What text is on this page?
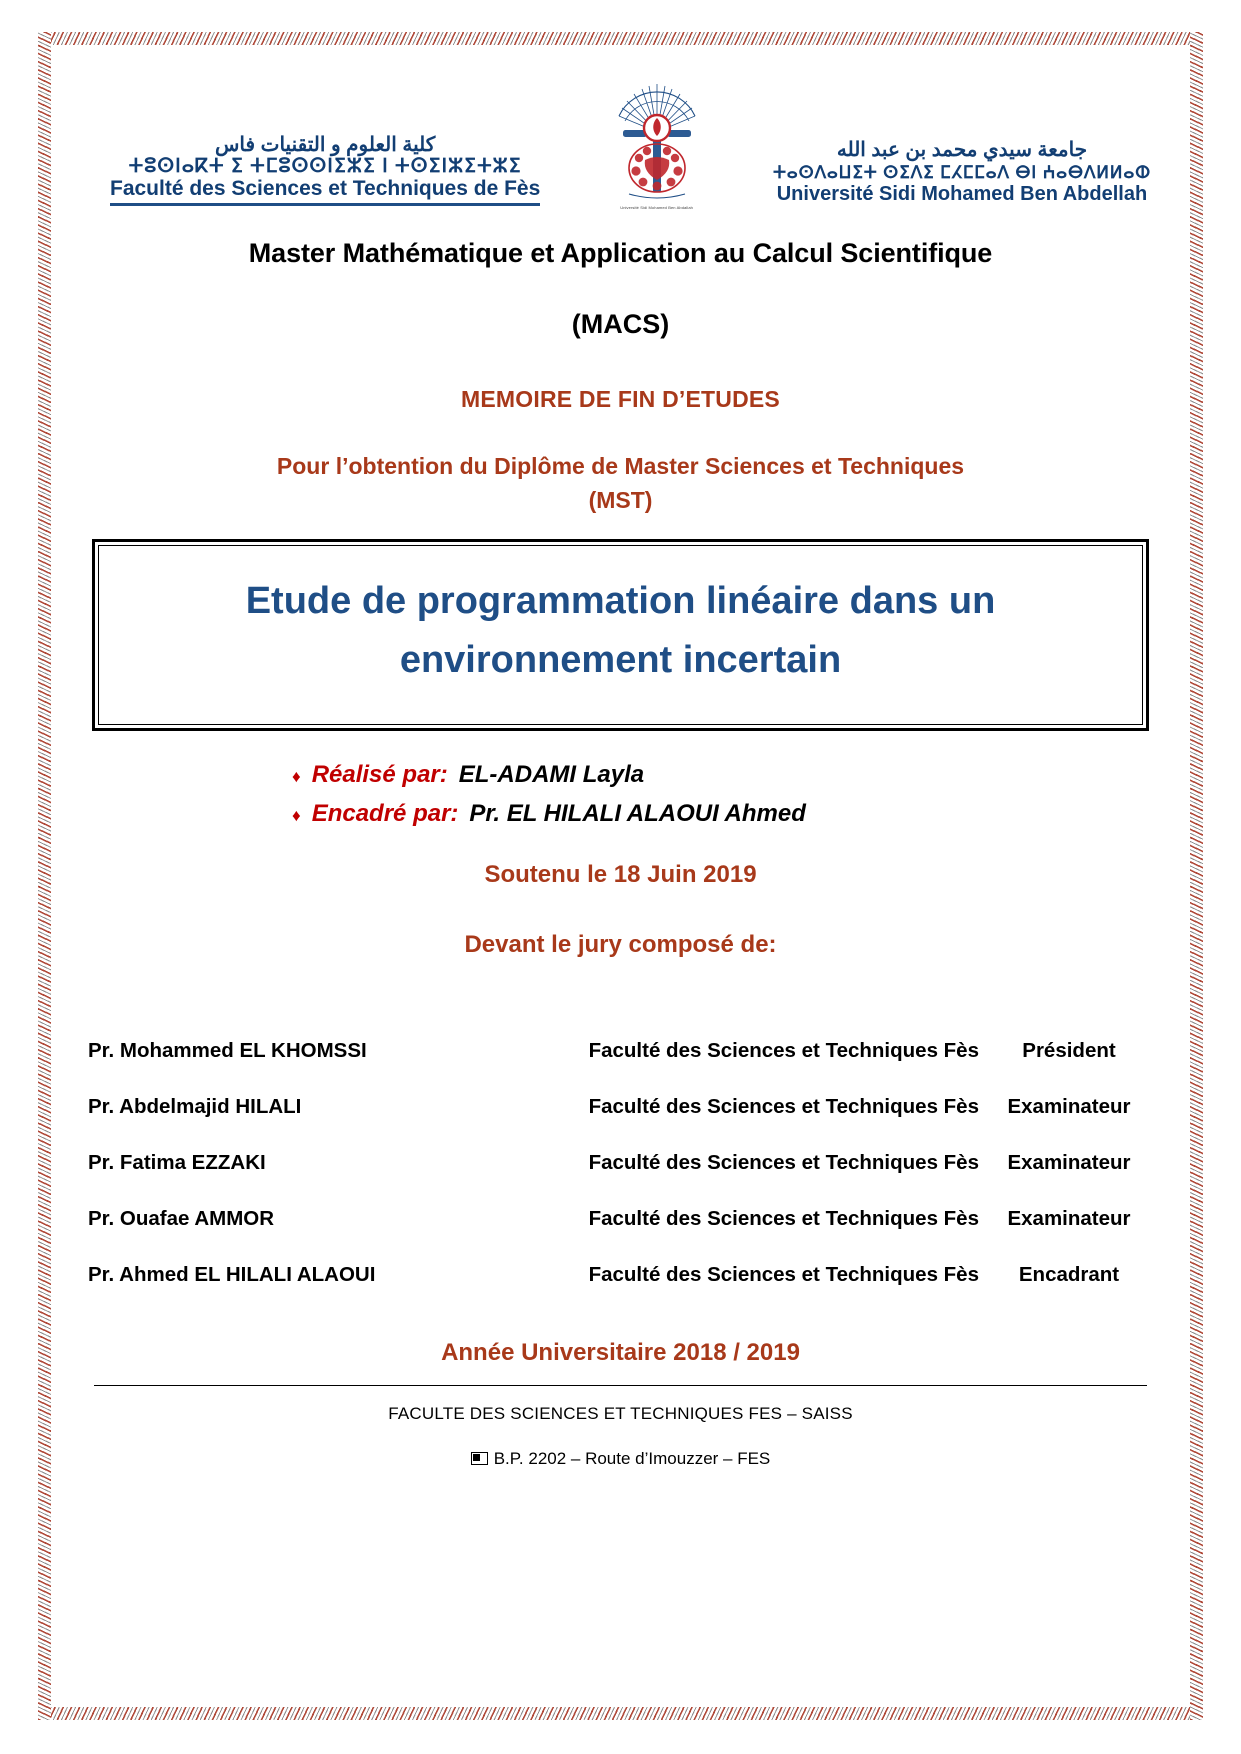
كلية العلوم و التقنيات فاس
ⵜⵓⵙⵏⴰⴽⵜ ⵉ ⵜⵎⵓⵙⵙⵏⵉⵣⵉ ⵏ ⵜⵙⵉⵏⵣⵉⵜⵣⵉ
Faculté des Sciences et Techniques de Fès
Université Sidi Mohamed Ben Abdallah
جامعة سيدي محمد بن عبد الله
ⵜⴰⵙⴷⴰⵡⵉⵜ ⵙⵉⴷⵉ ⵎⵃⵎⵎⴰⴷ ⴱⵏ ⵄⴰⴱⴷⵍⵍⴰⵀ
Université Sidi Mohamed Ben Abdellah
Master Mathématique et Application au Calcul Scientifique
(MACS)
MEMOIRE DE FIN D’ETUDES
Pour l’obtention du Diplôme de Master Sciences et Techniques
(MST)
Etude de programmation linéaire dans un
environnement incertain
♦ Réalisé par: EL-ADAMI Layla
♦ Encadré par: Pr. EL HILALI ALAOUI Ahmed
Soutenu le 18 Juin 2019
Devant le jury composé de:
Pr. Mohammed EL KHOMSSI	Faculté des Sciences et Techniques Fès	Président
Pr. Abdelmajid HILALI	Faculté des Sciences et Techniques Fès	Examinateur
Pr. Fatima EZZAKI	Faculté des Sciences et Techniques Fès	Examinateur
Pr. Ouafae AMMOR	Faculté des Sciences et Techniques Fès	Examinateur
Pr. Ahmed EL HILALI ALAOUI	Faculté des Sciences et Techniques Fès	Encadrant
Année Universitaire 2018 / 2019
FACULTE DES SCIENCES ET TECHNIQUES FES – SAISS
B.P. 2202 – Route d’Imouzzer – FES
